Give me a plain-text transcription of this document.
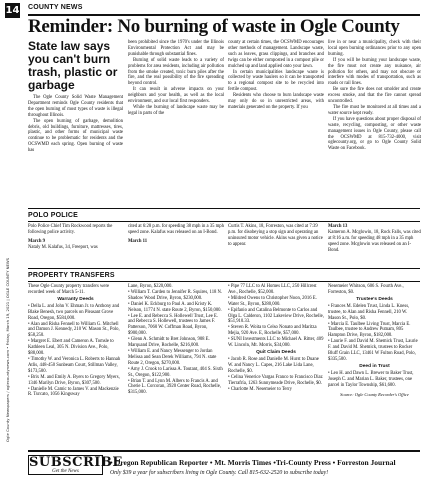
14
Ogle County Newspapers / oglecountynews.com • Friday, March 19, 2021 | OGLE COUNTY NEWS
COUNTY NEWS
Reminder: No burning of waste in Ogle County
State law says you can't burn trash, plastic or garbage

The Ogle County Solid Waste Management Department reminds Ogle County residents that the open burning of most types of waste is illegal throughout Illinois.

The open burning of garbage, demolition debris, old buildings, furniture, mattresses, tires, plastic, and other forms of municipal waste continue to be problematic for residents and the OCSWMD each spring. Open burning of waste has

been prohibited since the 1970's under the Illinois Environmental Protection Act and may be punishable through substantial fines.

Burning of solid waste leads to a variety of problems for area residents, including air pollution from the smoke created, toxic burn piles after the fire, and the real possibility of the fire spreading beyond control.

It can result in adverse impacts on your neighbors and your health, as well as the local environment, and our local first responders.

While the burning of landscape waste may be legal in parts of the

county at certain times, the OCSWMD encourages other methods of management. Landscape waste, such as leaves, grass clippings, and branches and twigs can be either composted in a compost pile or mulched up and land applied onto your lawn.

In certain municipalities landscape waste is collected by waste haulers so it can be transported to a regional compost site to be recycled into fertile compost.

Residents who choose to burn landscape waste may only do so in unrestricted areas, with materials generated on the property. If you

live in or near a municipality, check with their local open burning ordinances prior to any open burning.

If you will be burning your landscape waste, the fire must not create any nuisance, air pollution for others, and may not obscure or interfere with modes of transportation, such as roads or rail lines.

Be sure the fire does not smolder and create excess smoke, and that the fire cannot spread uncontrolled.

The fire must be monitored at all times and a water source kept ready.

If you have questions about proper disposal of waste, recycling, composting, or other waste management issues in Ogle County, please call the OCSWMD at 815-732-4000, visit oglecounty.org, or go to Ogle County Solid Waste on Facebook.

POLO POLICE
Polo Police Chief Tim Rockwood reports the following police activity.
March 9
Nataly M. Kalafus, 34, Freeport, was
cited at 6:28 p.m. for speeding 38 mph in a 35 mph speed zone. Kalafus was released on an I-Bond.
March 11
Curtis T. Akins, 18, Forreston, was cited at 7:39 p.m. for disobeying a stop sign and operating an uninsured motor vehicle. Akins was given a notice to appear.
March 13
Kameron A. Mcglowin, 18, Rock Falls, was cited at 8:16 a.m. for speeding 48 mph in a 35 mph speed zone. Mcglowin was released on an I-Bond.
PROPERTY TRANSFERS
These Ogle County property transfers were recorded week of March 5-11.
Warranty Deeds
• Della L. and John V. Ehman Jr. to Anthony and Blake Benesh, two parcels on Pleasant Grove Road, Oregon, $584,000.
• Alan and Risha Fennell to William G. Mitchell and Damon J. Kennedy, 210 W. Mason St., Polo, $58,250.
• Margret E. Ebert and Cameron A. Tomsle to Kathleen Leal, 305 N. Division Ave., Polo, $88,000.
• Timothy W. and Veronica L. Roberts to Hannah Atlis, 448-450 Sunbeam Court, Stillman Valley, $173,500.
• Brix M. and Emily A. Byers to Gregory Myers, 1346 Marilyn Drive, Byron, $307,500.
• Danielle M. Camic to James V. and Mackenzie R. Turcato, 1056 Kingsway
Lane, Byron, $220,000.
• William T. Carden to Jennifer R. Squires, 118 N. Shadow Wood Drive, Byron, $230,000.
• Daniel K. Eckburg to Paul A. and Kristy K. Nelson, 11774 N. state Route 2, Byron, $150,000.
• Lee E. and Rebecca S. Hollewell Trust, Lee E. and Rebecca S. Hollewell, trustees to James F. Patterson, 7060 W. Coffman Road, Byron, $900,000.
• Glenn A. Schmidt to Bret Johnson, 908 E. Marquand Drive, Rochelle, $216,000.
• William E. and Nancy Messenger to Jordan Melissa and Sean Derek Williams, 794 N. state Route 2, Oregon, $270,000.
• Amy J. Crook to Larissa A. Toutant, 404 S. Sixth St., Oregon, $122,900.
• Brian T. and Lynn M. Albers to Francis A. and Cherie L. Corcoran, 3920 Center Road, Rochelle, $315,000.
• Pipe 77 LLC to Al Homes LLC, 250 Hillcrest Ave., Rochelle, $52,000.
• Mildred Owens to Christopher Noon, 2016 E. Water St., Byron, $280,000.
• Epifanio and Catalina Belmonte to Carlos and Olga L. Calderon, 1102 Lakeview Drive, Rochelle, $51,910.33.
• Steven R. Woita to Celso Nonato and Maritza Mejia, 920 Ave. E, Rochelle, $57,000.
• SUNI Investments LLC to Michael A. Ritter, 409 W. Lincoln, Mt. Morris, $34,000.
Quit Claim Deeds
• Jacob R. Rose and Danielle M. Hurst to Duane W. and Nancy L. Capes, 216 Lake Lida Lane, Rochelle, $0.
• Celina Venerice Vargas Franco to Francisco Diaz Tierrafría, 1263 Sunnymeade Drive, Rochelle, $0.
• Charlotte M. Nesemeier to Terry
Nesemeier Whitson, 606 S. Fourth Ave., Forreston, $0.
Trustee's Deeds
• Frances M. Edelen Trust, Linda L. Kness, trustee, to Alan and Risha Fennell, 210 W. Mason St., Polo, $0.
• Marcia E. Taulbee Living Trust, Marcia E. Taulbee, trustee to Andrew Putnam, 805 Hampton Drive, Byron, $182,000.
• Laurie F. and David M. Shemick Trust, Laurie F. and David M. Shemick, trustees to Rocker Bluff Grain LLC, 13461 W Fulton Road, Polo, $335,500.
Deed in Trust
• Leo H. and Dawn L. Brewer to Baker Trust, Joseph C. and Marian L. Baker, trustees, one parcel in Taylor Township, $61,600.
Source: Ogle County Recorder's Office
SUBSCRIBE
Get the News
• Oregon Republican Reporter • Mt. Morris Times •Tri-County Press • Forreston Journal
Only $39 a year for subscribers living in Ogle County. Call 815-632-2520 to subscribe today!
